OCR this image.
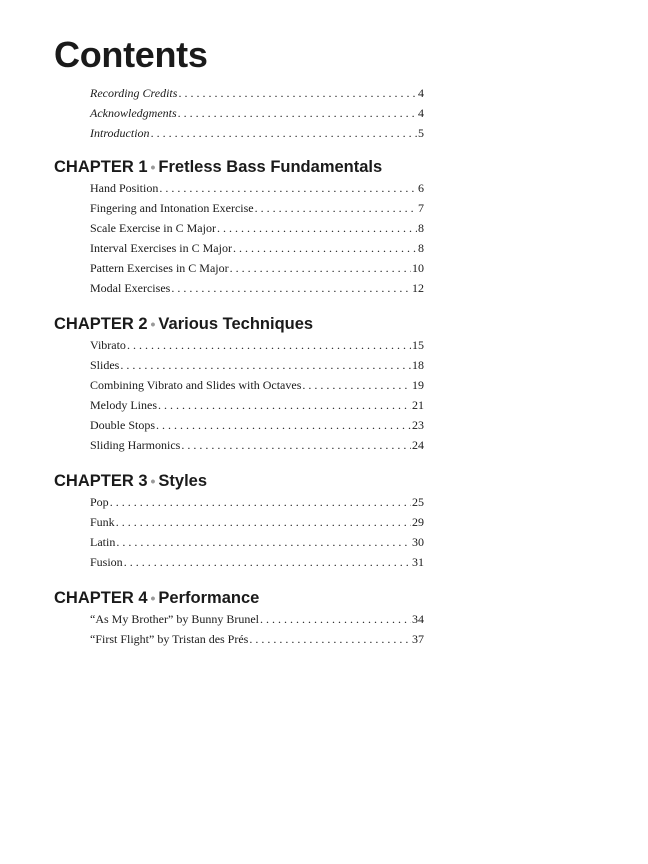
Contents
Recording Credits . . .	4
Acknowledgments . . .	4
Introduction . . .	5
CHAPTER 1 • Fretless Bass Fundamentals
Hand Position . . .	6
Fingering and Intonation Exercise . . .	7
Scale Exercise in C Major . . .	8
Interval Exercises in C Major . . .	8
Pattern Exercises in C Major . . .	10
Modal Exercises . . .	12
CHAPTER 2 • Various Techniques
Vibrato . . .	15
Slides . . .	18
Combining Vibrato and Slides with Octaves . . .	19
Melody Lines . . .	21
Double Stops . . .	23
Sliding Harmonics . . .	24
CHAPTER 3 • Styles
Pop . . .	25
Funk . . .	29
Latin . . .	30
Fusion . . .	31
CHAPTER 4 • Performance
“As My Brother” by Bunny Brunel . . .	34
“First Flight” by Tristan des Prés . . .	37
